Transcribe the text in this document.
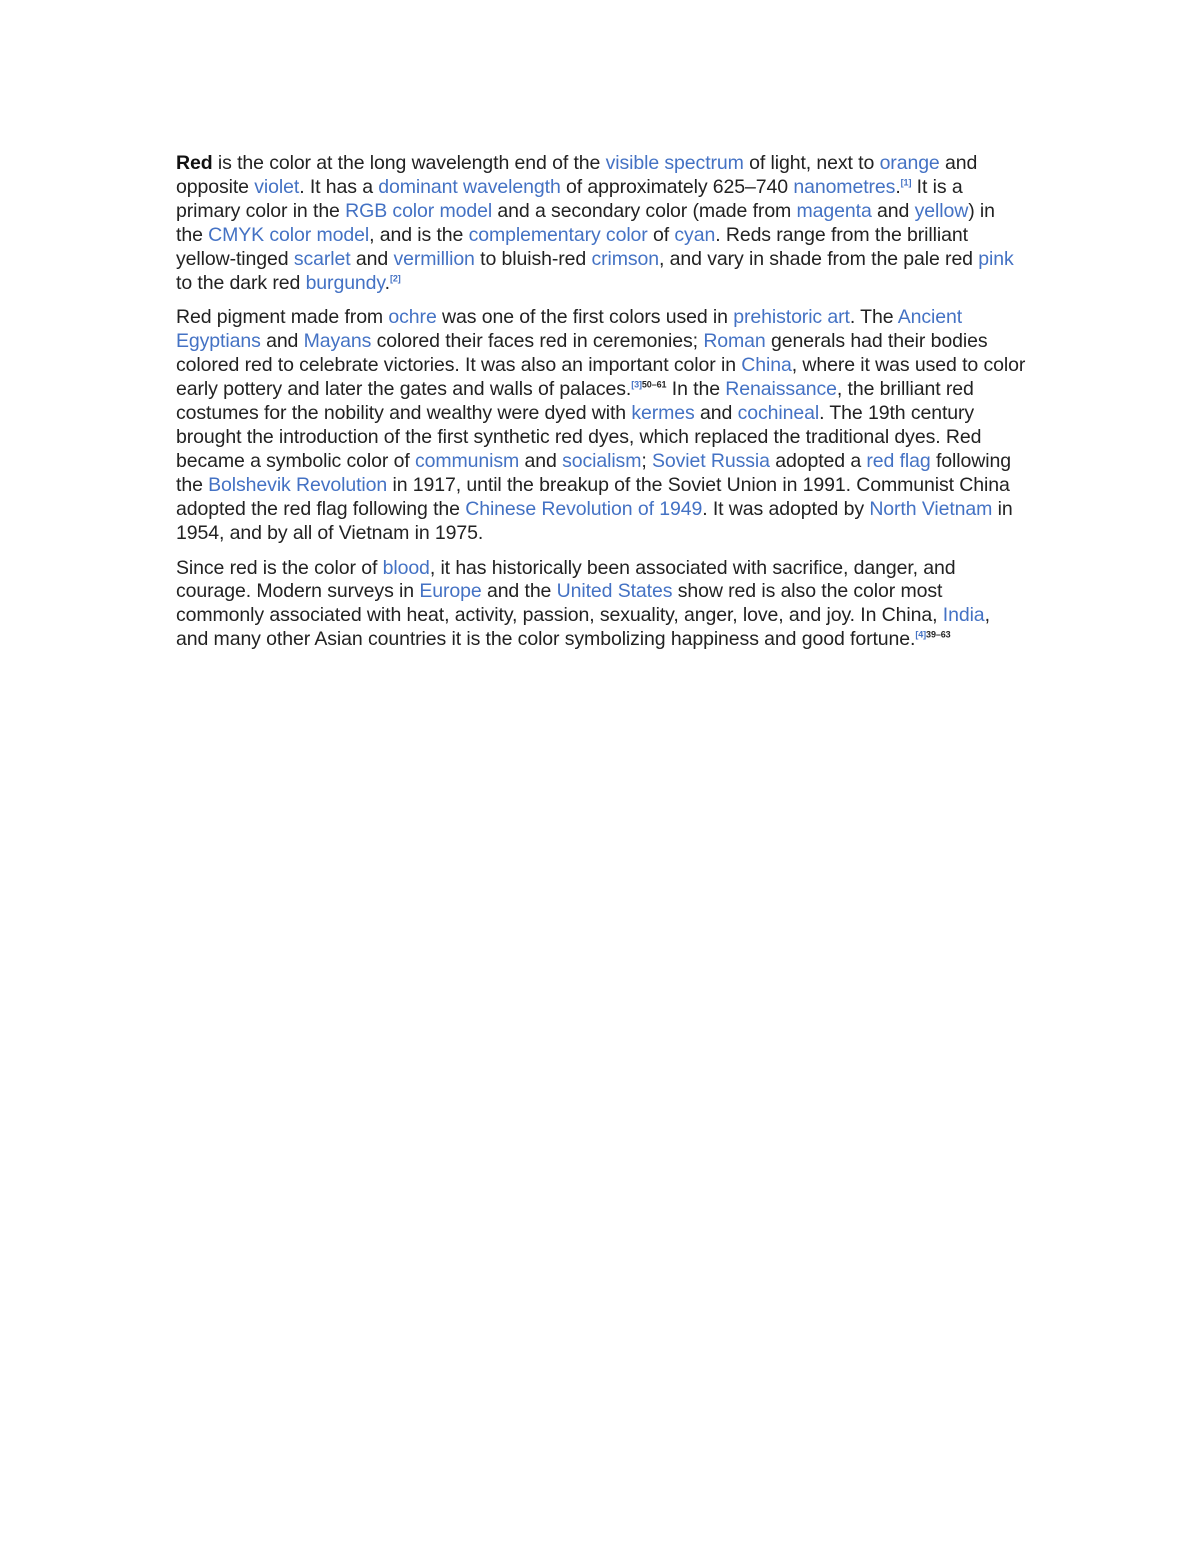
Red is the color at the long wavelength end of the visible spectrum of light, next to orange and opposite violet. It has a dominant wavelength of approximately 625–740 nanometres.[1] It is a primary color in the RGB color model and a secondary color (made from magenta and yellow) in the CMYK color model, and is the complementary color of cyan. Reds range from the brilliant yellow-tinged scarlet and vermillion to bluish-red crimson, and vary in shade from the pale red pink to the dark red burgundy.[2]

Red pigment made from ochre was one of the first colors used in prehistoric art. The Ancient Egyptians and Mayans colored their faces red in ceremonies; Roman generals had their bodies colored red to celebrate victories. It was also an important color in China, where it was used to color early pottery and later the gates and walls of palaces.$^{[3]50-61}$ In the Renaissance, the brilliant red costumes for the nobility and wealthy were dyed with kermes and cochineal. The 19th century brought the introduction of the first synthetic red dyes, which replaced the traditional dyes. Red became a symbolic color of communism and socialism; Soviet Russia adopted a red flag following the Bolshevik Revolution in 1917, until the breakup of the Soviet Union in 1991. Communist China adopted the red flag following the Chinese Revolution of 1949. It was adopted by North Vietnam in 1954, and by all of Vietnam in 1975.

Since red is the color of blood, it has historically been associated with sacrifice, danger, and courage. Modern surveys in Europe and the United States show red is also the color most commonly associated with heat, activity, passion, sexuality, anger, love, and joy. In China, India, and many other Asian countries it is the color symbolizing happiness and good fortune.$^{[4]39-63}$
